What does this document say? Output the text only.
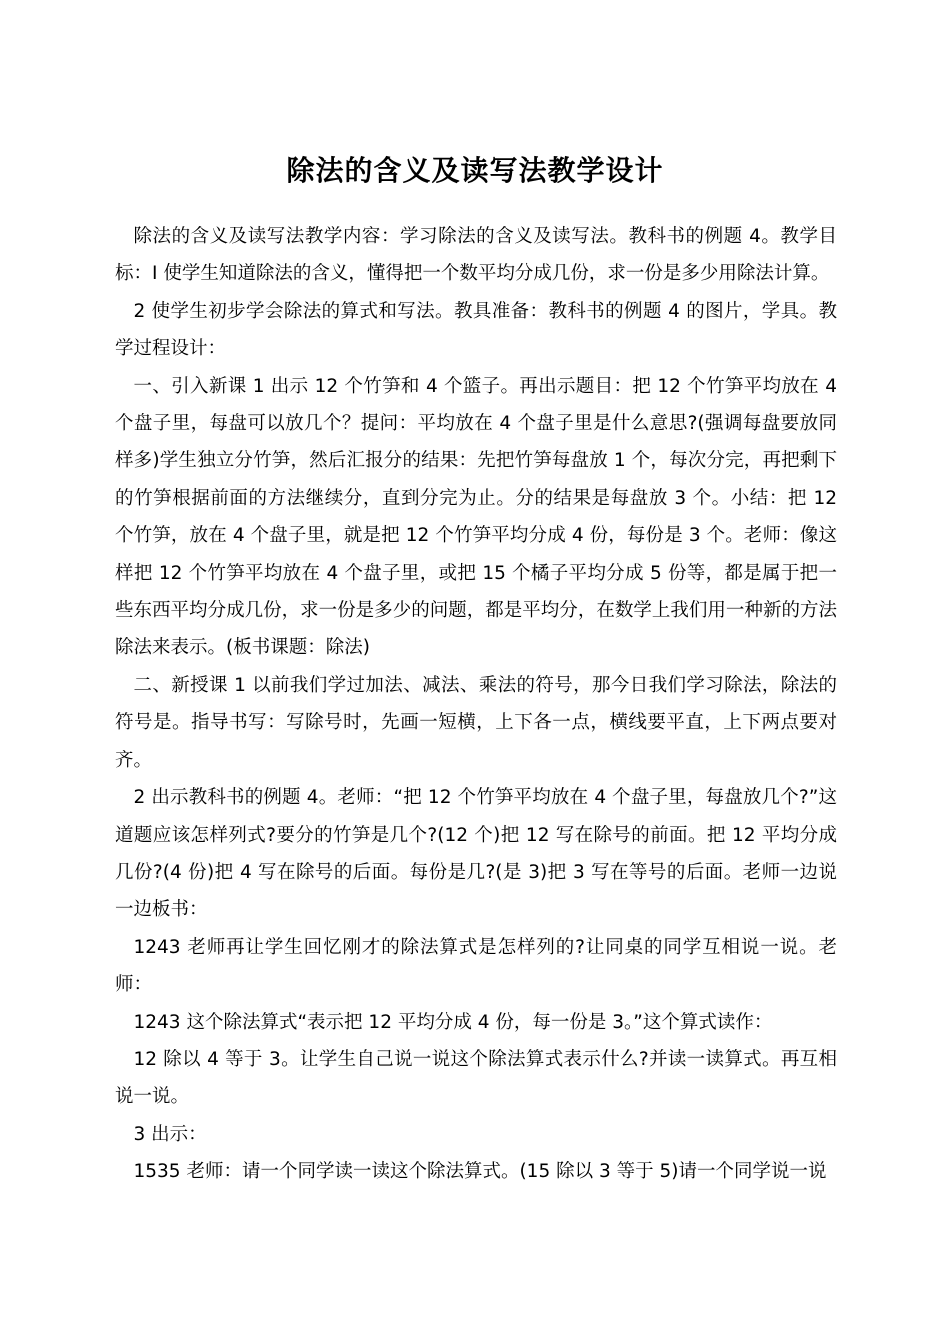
除法的含义及读写法教学设计

除法的含义及读写法教学内容：学习除法的含义及读写法。教科书的例题 4。教学目标：I 使学生知道除法的含义，懂得把一个数平均分成几份，求一份是多少用除法计算。

2 使学生初步学会除法的算式和写法。教具准备：教科书的例题 4 的图片，学具。教学过程设计：

一、引入新课 1 出示 12 个竹笋和 4 个篮子。再出示题目：把 12 个竹笋平均放在 4 个盘子里，每盘可以放几个？提问：平均放在 4 个盘子里是什么意思?(强调每盘要放同样多)学生独立分竹笋，然后汇报分的结果：先把竹笋每盘放 1 个，每次分完，再把剩下的竹笋根据前面的方法继续分，直到分完为止。分的结果是每盘放 3 个。小结：把 12 个竹笋，放在 4 个盘子里，就是把 12 个竹笋平均分成 4 份，每份是 3 个。老师：像这样把 12 个竹笋平均放在 4 个盘子里，或把 15 个橘子平均分成 5 份等，都是属于把一些东西平均分成几份，求一份是多少的问题，都是平均分，在数学上我们用一种新的方法除法来表示。(板书课题：除法)

二、新授课 1 以前我们学过加法、减法、乘法的符号，那今日我们学习除法，除法的符号是。指导书写：写除号时，先画一短横，上下各一点，横线要平直，上下两点要对齐。

2 出示教科书的例题 4。老师：“把 12 个竹笋平均放在 4 个盘子里，每盘放几个?”这道题应该怎样列式?要分的竹笋是几个?(12 个)把 12 写在除号的前面。把 12 平均分成几份?(4 份)把 4 写在除号的后面。每份是几?(是 3)把 3 写在等号的后面。老师一边说一边板书：

1243 老师再让学生回忆刚才的除法算式是怎样列的?让同桌的同学互相说一说。老师：

1243 这个除法算式“表示把 12 平均分成 4 份，每一份是 3。”这个算式读作：

12 除以 4 等于 3。让学生自己说一说这个除法算式表示什么?并读一读算式。再互相说一说。

3 出示：

1535 老师：请一个同学读一读这个除法算式。(15 除以 3 等于 5)请一个同学说一说
